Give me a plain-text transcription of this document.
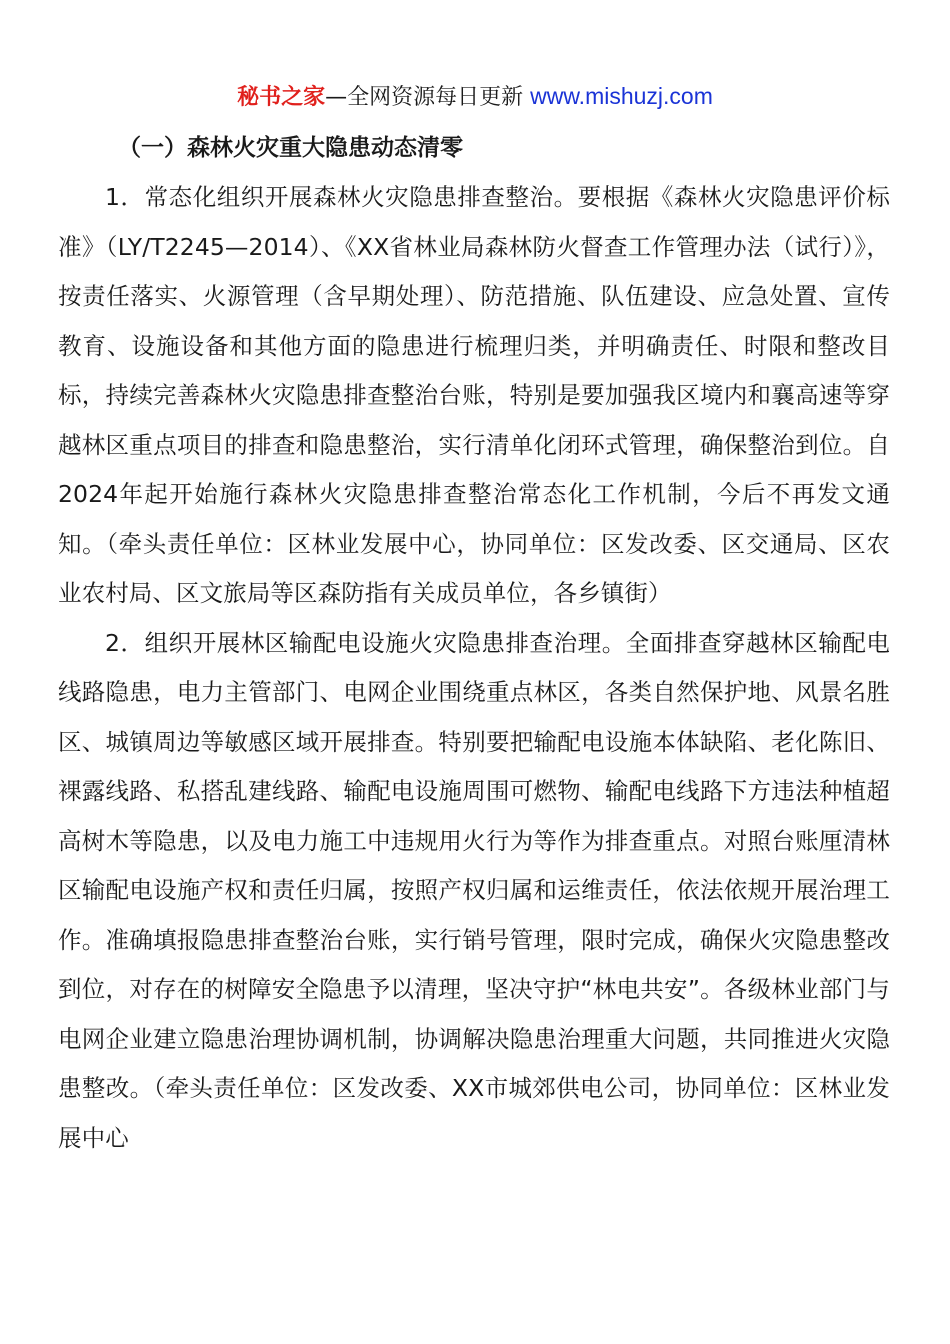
秘书之家—全网资源每日更新 www.mishuzj.com
（一）森林火灾重大隐患动态清零

1．常态化组织开展森林火灾隐患排查整治。要根据《森林火灾隐患评价标准》（LY/T2245—2014）、《XX省林业局森林防火督查工作管理办法（试行）》，按责任落实、火源管理（含早期处理）、防范措施、队伍建设、应急处置、宣传教育、设施设备和其他方面的隐患进行梳理归类，并明确责任、时限和整改目标，持续完善森林火灾隐患排查整治台账，特别是要加强我区境内和襄高速等穿越林区重点项目的排查和隐患整治，实行清单化闭环式管理，确保整治到位。自2024年起开始施行森林火灾隐患排查整治常态化工作机制，今后不再发文通知。（牵头责任单位：区林业发展中心，协同单位：区发改委、区交通局、区农业农村局、区文旅局等区森防指有关成员单位，各乡镇街）

2．组织开展林区输配电设施火灾隐患排查治理。全面排查穿越林区输配电线路隐患，电力主管部门、电网企业围绕重点林区，各类自然保护地、风景名胜区、城镇周边等敏感区域开展排查。特别要把输配电设施本体缺陷、老化陈旧、裸露线路、私搭乱建线路、输配电设施周围可燃物、输配电线路下方违法种植超高树木等隐患，以及电力施工中违规用火行为等作为排查重点。对照台账厘清林区输配电设施产权和责任归属，按照产权归属和运维责任，依法依规开展治理工作。准确填报隐患排查整治台账，实行销号管理，限时完成，确保火灾隐患整改到位，对存在的树障安全隐患予以清理，坚决守护“林电共安”。各级林业部门与电网企业建立隐患治理协调机制，协调解决隐患治理重大问题，共同推进火灾隐患整改。（牵头责任单位：区发改委、XX市城郊供电公司，协同单位：区林业发展中心
